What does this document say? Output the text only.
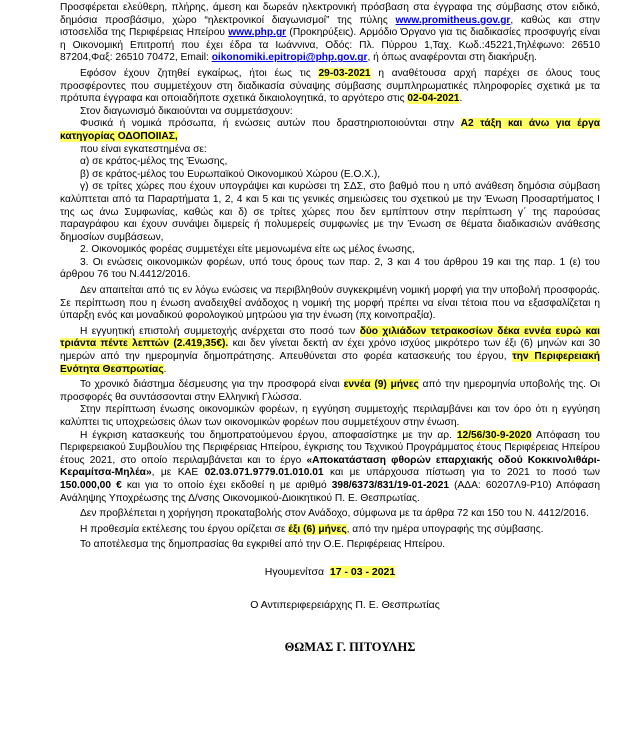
Προσφέρεται ελεύθερη, πλήρης, άμεση και δωρεάν ηλεκτρονική πρόσβαση στα έγγραφα της σύμβασης στον ειδικό, δημόσια προσβάσιμο, χώρο “ηλεκτρονικοί διαγωνισμοί” της πύλης www.promitheus.gov.gr, καθώς και στην ιστοσελίδα της Περιφέρειας Ηπείρου www.php.gr (Προκηρύξεις). Αρμόδιο Όργανο για τις διαδικασίες προσφυγής είναι η Οικονομική Επιτροπή που έχει έδρα τα Ιωάννινα, Οδός: Πλ. Πύρρου 1,Ταχ. Κωδ.:45221,Τηλέφωνο: 26510 87204,Φαξ: 26510 70472, Email: oikonomiki.epitropi@php.gov.gr, ή όπως αναφέρονται στη διακήρυξη.

Εφόσον έχουν ζητηθεί εγκαίρως, ήτοι έως τις 29-03-2021 η αναθέτουσα αρχή παρέχει σε όλους τους προσφέροντες που συμμετέχουν στη διαδικασία σύναψης σύμβασης συμπληρωματικές πληροφορίες σχετικά με τα πρότυπα έγγραφα και οποιαδήποτε σχετικά δικαιολογητικά, το αργότερο στις 02-04-2021.

Στον διαγωνισμό δικαιούνται να συμμετάσχουν:

Φυσικά ή νομικά πρόσωπα, ή ενώσεις αυτών που δραστηριοποιούνται στην Α2 τάξη και άνω για έργα κατηγορίας ΟΔΟΠΟΙΙΑΣ,

που είναι εγκατεστημένα σε:

α) σε κράτος-μέλος της Ένωσης,

β) σε κράτος-μέλος του Ευρωπαϊκού Οικονομικού Χώρου (Ε.Ο.Χ.),

γ) σε τρίτες χώρες που έχουν υπογράψει και κυρώσει τη ΣΔΣ, στο βαθμό που η υπό ανάθεση δημόσια σύμβαση καλύπτεται από τα Παραρτήματα 1, 2, 4 και 5 και τις γενικές σημειώσεις του σχετικού με την Ένωση Προσαρτήματος I της ως άνω Συμφωνίας, καθώς και δ) σε τρίτες χώρες που δεν εμπίπτουν στην περίπτωση γ΄ της παρούσας παραγράφου και έχουν συνάψει διμερείς ή πολυμερείς συμφωνίες με την Ένωση σε θέματα διαδικασιών ανάθεσης δημοσίων συμβάσεων,

2. Οικονομικός φορέας συμμετέχει είτε μεμονωμένα είτε ως μέλος ένωσης,

3. Οι ενώσεις οικονομικών φορέων, υπό τους όρους των παρ. 2, 3 και 4 του άρθρου 19 και της παρ. 1 (ε) του άρθρου 76 του Ν.4412/2016.

Δεν απαιτείται από τις εν λόγω ενώσεις να περιβληθούν συγκεκριμένη νομική μορφή για την υποβολή προσφοράς. Σε περίπτωση που η ένωση αναδειχθεί ανάδοχος η νομική της μορφή πρέπει να είναι τέτοια που να εξασφαλίζεται η ύπαρξη ενός και μοναδικού φορολογικού μητρώου για την ένωση (πχ κοινοπραξία).

Η εγγυητική επιστολή συμμετοχής ανέρχεται στο ποσό των δύο χιλιάδων τετρακοσίων δέκα εννέα ευρώ και τριάντα πέντε λεπτών (2.419,35€). και δεν γίνεται δεκτή αν έχει χρόνο ισχύος μικρότερο των έξι (6) μηνών και 30 ημερών από την ημερομηνία δημοπράτησης. Απευθύνεται στο φορέα κατασκευής του έργου, την Περιφερειακή Ενότητα Θεσπρωτίας.

Το χρονικό διάστημα δέσμευσης για την προσφορά είναι εννέα (9) μήνες από την ημερομηνία υποβολής της. Οι προσφορές θα συντάσσονται στην Ελληνική Γλώσσα.

Στην περίπτωση ένωσης οικονομικών φορέων, η εγγύηση συμμετοχής περιλαμβάνει και τον όρο ότι η εγγύηση καλύπτει τις υποχρεώσεις όλων των οικονομικών φορέων που συμμετέχουν στην ένωση.

Η έγκριση κατασκευής του δημοπρατούμενου έργου, αποφασίστηκε με την αρ. 12/56/30-9-2020 Απόφαση του Περιφερειακού Συμβουλίου της Περιφέρειας Ηπείρου, έγκρισης του Τεχνικού Προγράμματος έτους Περιφέρειας Ηπείρου έτους 2021, στο οποίο περιλαμβάνεται και το έργο «Αποκατάσταση φθορών επαρχιακής οδού Κοκκινολιθάρι-Κεραμίτσα-Μηλέα», με ΚΑΕ 02.03.071.9779.01.010.01 και με υπάρχουσα πίστωση για το 2021 το ποσό των 150.000,00 € και για το οποίο έχει εκδοθεί η με αριθμό 398/6373/831/19-01-2021 (ΑΔΑ: 60207Λ9-Ρ10) Απόφαση Ανάληψης Υποχρέωσης της Δ/νσης Οικονομικού-Διοικητικού Π. Ε. Θεσπρωτίας.

Δεν προβλέπεται η χορήγηση προκαταβολής στον Ανάδοχο, σύμφωνα με τα άρθρα 72 και 150 του Ν. 4412/2016.

Η προθεσμία εκτέλεσης του έργου ορίζεται σε έξι (6) μήνες, από την ημέρα υπογραφής της σύμβασης.

Το αποτέλεσμα της δημοπρασίας θα εγκριθεί από την Ο.Ε. Περιφέρειας Ηπείρου.

Ηγουμενίτσα 17 - 03 - 2021

Ο Αντιπεριφερειάρχης Π. Ε. Θεσπρωτίας

ΘΩΜΑΣ Γ. ΠΙΤΟΥΛΗΣ
